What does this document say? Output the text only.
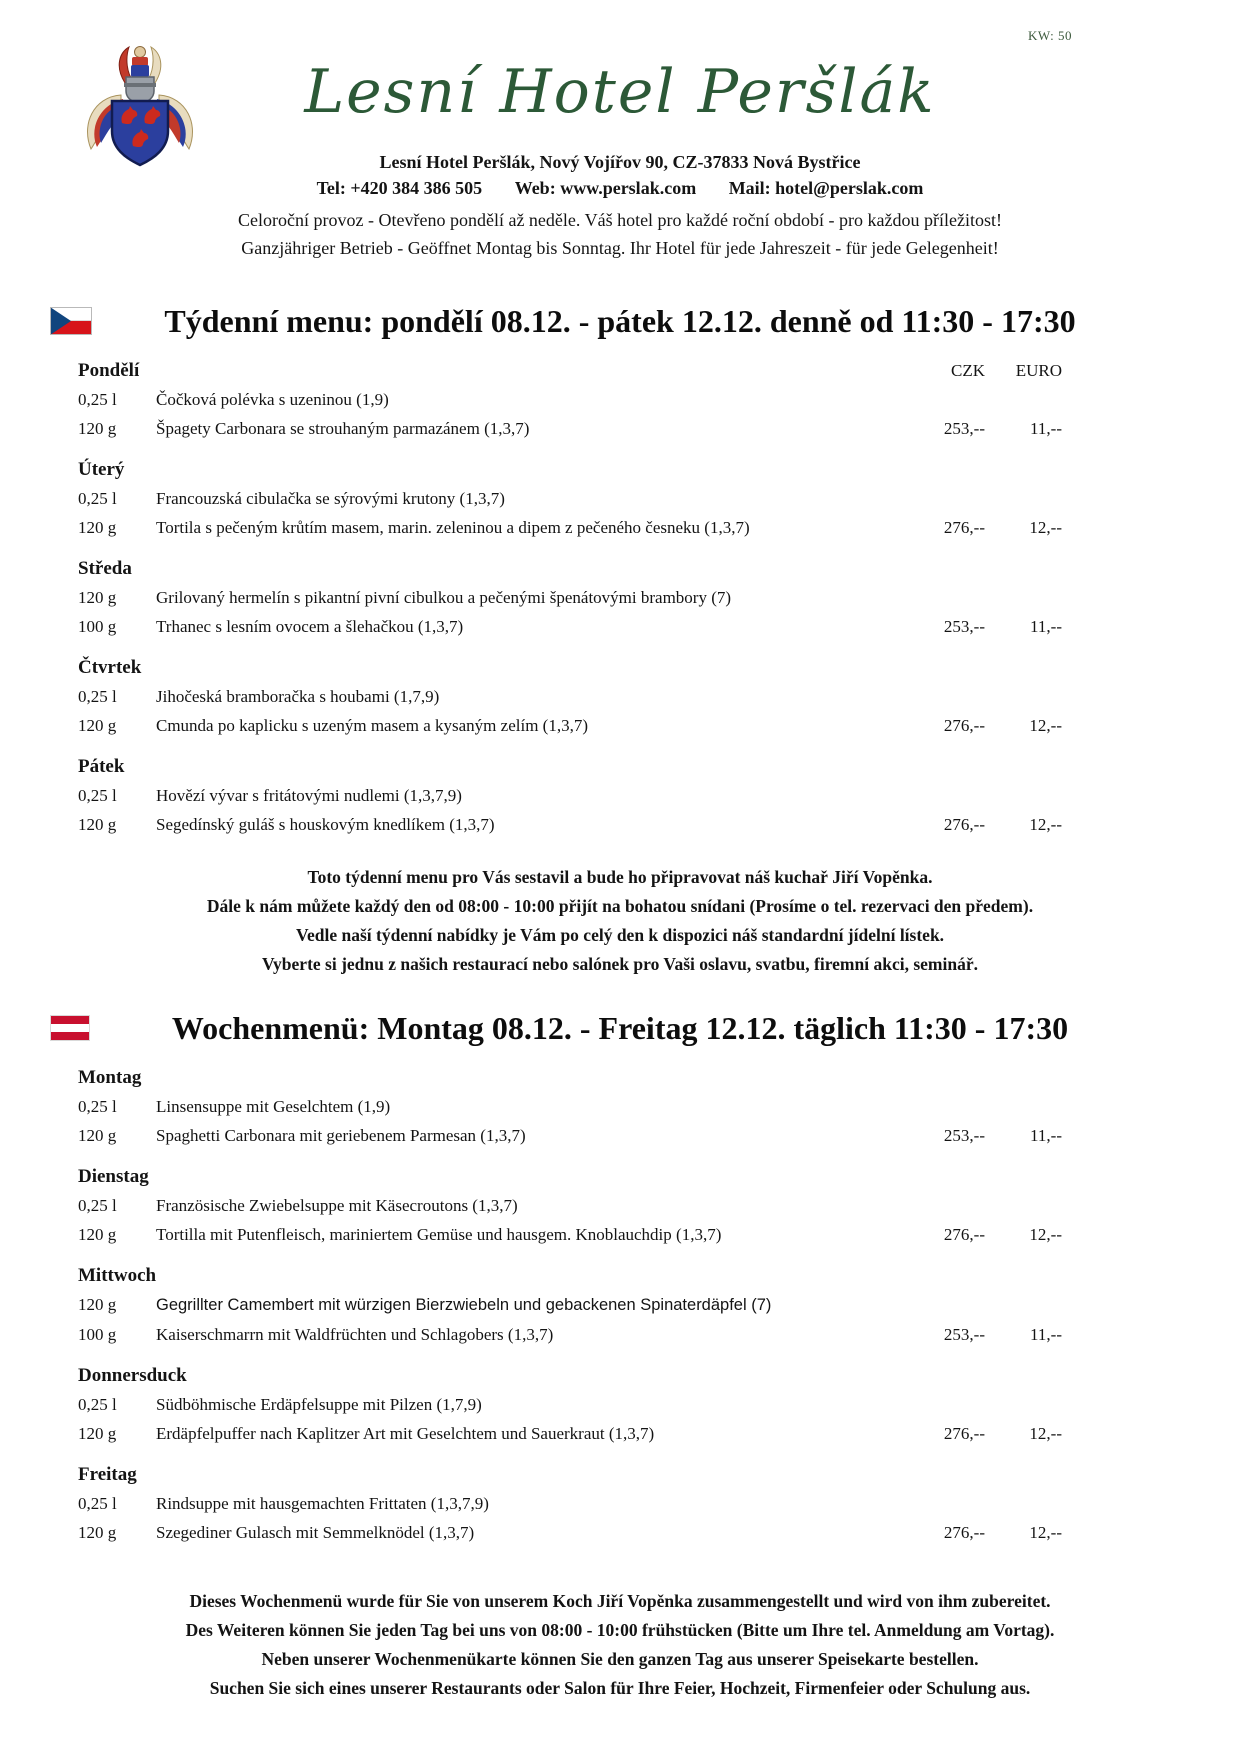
KW: 50
Lesní Hotel Peršlák
Lesní Hotel Peršlák, Nový Vojířov 90, CZ-37833 Nová Bystřice
Tel: +420 384 386 505 Web: www.perslak.com Mail: hotel@perslak.com
Celoroční provoz - Otevřeno pondělí až neděle. Váš hotel pro každé roční období - pro každou příležitost!
Ganzjähriger Betrieb - Geöffnet Montag bis Sonntag. Ihr Hotel für jede Jahreszeit - für jede Gelegenheit!
Týdenní menu: pondělí 08.12. - pátek 12.12. denně od 11:30 - 17:30
Pondělí	CZK	EURO
0,25 l	Čočková polévka s uzeninou (1,9)
120 g	Špagety Carbonara se strouhaným parmazánem (1,3,7)	253,--	11,--
Úterý
0,25 l	Francouzská cibulačka se sýrovými krutony (1,3,7)
120 g	Tortila s pečeným krůtím masem, marin. zeleninou a dipem z pečeného česneku (1,3,7)	276,--	12,--
Středa
120 g	Grilovaný hermelín s pikantní pivní cibulkou a pečenými špenátovými brambory (7)
100 g	Trhanec s lesním ovocem a šlehačkou (1,3,7)	253,--	11,--
Čtvrtek
0,25 l	Jihočeská bramboračka s houbami (1,7,9)
120 g	Cmunda po kaplicku s uzeným masem a kysaným zelím (1,3,7)	276,--	12,--
Pátek
0,25 l	Hovězí vývar s fritátovými nudlemi (1,3,7,9)
120 g	Segedínský guláš s houskovým knedlíkem (1,3,7)	276,--	12,--
Toto týdenní menu pro Vás sestavil a bude ho připravovat náš kuchař Jiří Vopěnka.
Dále k nám můžete každý den od 08:00 - 10:00 přijít na bohatou snídani (Prosíme o tel. rezervaci den předem).
Vedle naší týdenní nabídky je Vám po celý den k dispozici náš standardní jídelní lístek.
Vyberte si jednu z našich restaurací nebo salónek pro Vaši oslavu, svatbu, firemní akci, seminář.
Wochenmenü: Montag 08.12. - Freitag 12.12. täglich 11:30 - 17:30
Montag
0,25 l	Linsensuppe mit Geselchtem (1,9)
120 g	Spaghetti Carbonara mit geriebenem Parmesan (1,3,7)	253,--	11,--
Dienstag
0,25 l	Französische Zwiebelsuppe mit Käsecroutons (1,3,7)
120 g	Tortilla mit Putenfleisch, mariniertem Gemüse und hausgem. Knoblauchdip (1,3,7)	276,--	12,--
Mittwoch
120 g	Gegrillter Camembert mit würzigen Bierzwiebeln und gebackenen Spinaterdäpfel (7)
100 g	Kaiserschmarrn mit Waldfrüchten und Schlagobers (1,3,7)	253,--	11,--
Donnersduck
0,25 l	Südböhmische Erdäpfelsuppe mit Pilzen (1,7,9)
120 g	Erdäpfelpuffer nach Kaplitzer Art mit Geselchtem und Sauerkraut (1,3,7)	276,--	12,--
Freitag
0,25 l	Rindsuppe mit hausgemachten Frittaten (1,3,7,9)
120 g	Szegediner Gulasch mit Semmelknödel (1,3,7)	276,--	12,--
Dieses Wochenmenü wurde für Sie von unserem Koch Jiří Vopěnka zusammengestellt und wird von ihm zubereitet.
Des Weiteren können Sie jeden Tag bei uns von 08:00 - 10:00 frühstücken (Bitte um Ihre tel. Anmeldung am Vortag).
Neben unserer Wochenmenükarte können Sie den ganzen Tag aus unserer Speisekarte bestellen.
Suchen Sie sich eines unserer Restaurants oder Salon für Ihre Feier, Hochzeit, Firmenfeier oder Schulung aus.
